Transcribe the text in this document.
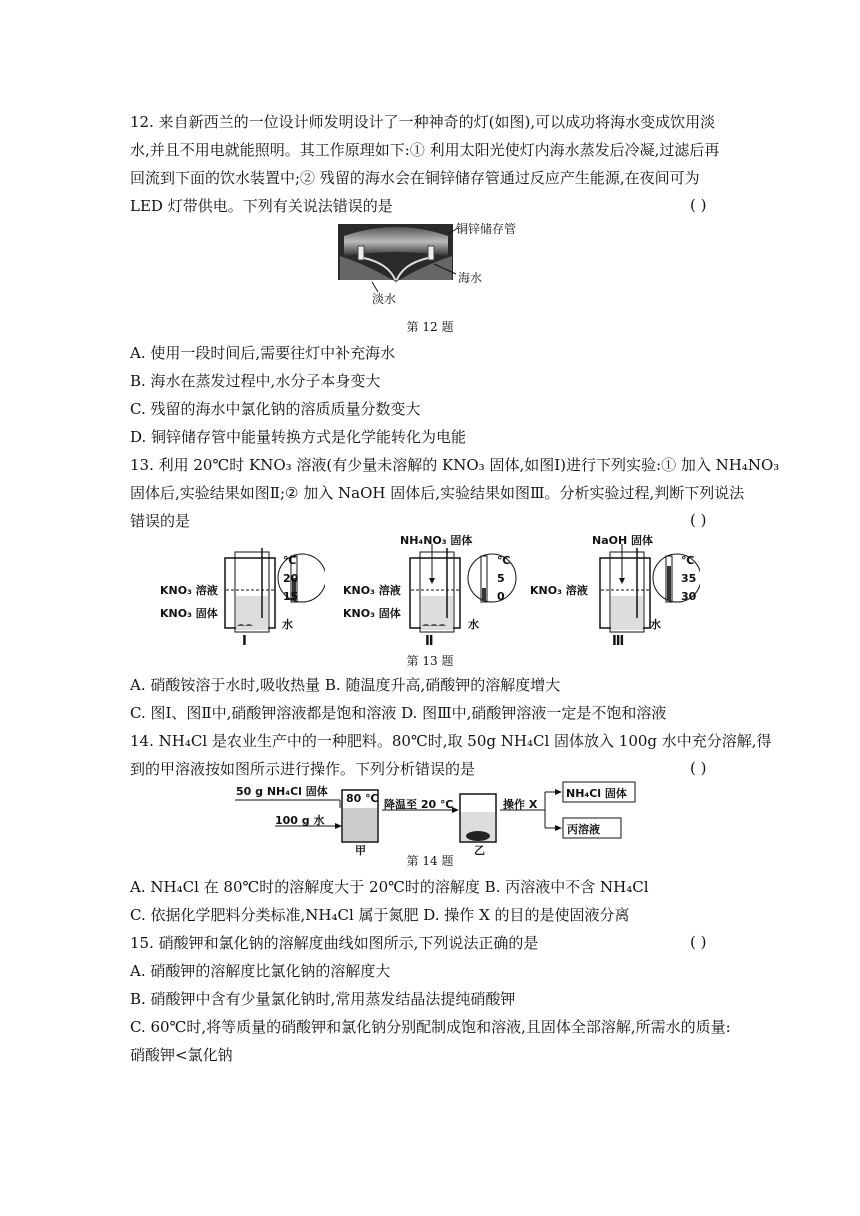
12. 来自新西兰的一位设计师发明设计了一种神奇的灯(如图),可以成功将海水变成饮用淡
水,并且不用电就能照明。其工作原理如下:① 利用太阳光使灯内海水蒸发后冷凝,过滤后再
回流到下面的饮水装置中;② 残留的海水会在铜锌储存管通过反应产生能源,在夜间可为
LED 灯带供电。下列有关说法错误的是	( )
铜锌储存管
海水
淡水
第 12 题
A. 使用一段时间后,需要往灯中补充海水
B. 海水在蒸发过程中,水分子本身变大
C. 残留的海水中氯化钠的溶质质量分数变大
D. 铜锌储存管中能量转换方式是化学能转化为电能
13. 利用 20℃时 KNO₃ 溶液(有少量未溶解的 KNO₃ 固体,如图Ⅰ)进行下列实验:① 加入 NH₄NO₃
固体后,实验结果如图Ⅱ;② 加入 NaOH 固体后,实验结果如图Ⅲ。分析实验过程,判断下列说法
错误的是	( )
℃
20
15
KNO₃ 溶液
KNO₃ 固体
水
Ⅰ
NH₄NO₃ 固体
℃
5
0
KNO₃ 溶液
KNO₃ 固体
水
Ⅱ
NaOH 固体
℃
35
30
KNO₃ 溶液
水
Ⅲ
第 13 题
A. 硝酸铵溶于水时,吸收热量 B. 随温度升高,硝酸钾的溶解度增大
C. 图Ⅰ、图Ⅱ中,硝酸钾溶液都是饱和溶液 D. 图Ⅲ中,硝酸钾溶液一定是不饱和溶液
14. NH₄Cl 是农业生产中的一种肥料。80℃时,取 50g NH₄Cl 固体放入 100g 水中充分溶解,得
到的甲溶液按如图所示进行操作。下列分析错误的是	( )
50 g NH₄Cl 固体
100 g 水
80 ℃ 降温至 20 ℃	操作 X
NH₄Cl 固体
丙溶液
甲	乙
第 14 题
A. NH₄Cl 在 80℃时的溶解度大于 20℃时的溶解度 B. 丙溶液中不含 NH₄Cl
C. 依据化学肥料分类标准,NH₄Cl 属于氮肥 D. 操作 X 的目的是使固液分离
15. 硝酸钾和氯化钠的溶解度曲线如图所示,下列说法正确的是	( )
A. 硝酸钾的溶解度比氯化钠的溶解度大
B. 硝酸钾中含有少量氯化钠时,常用蒸发结晶法提纯硝酸钾
C. 60℃时,将等质量的硝酸钾和氯化钠分别配制成饱和溶液,且固体全部溶解,所需水的质量:
硝酸钾<氯化钠
